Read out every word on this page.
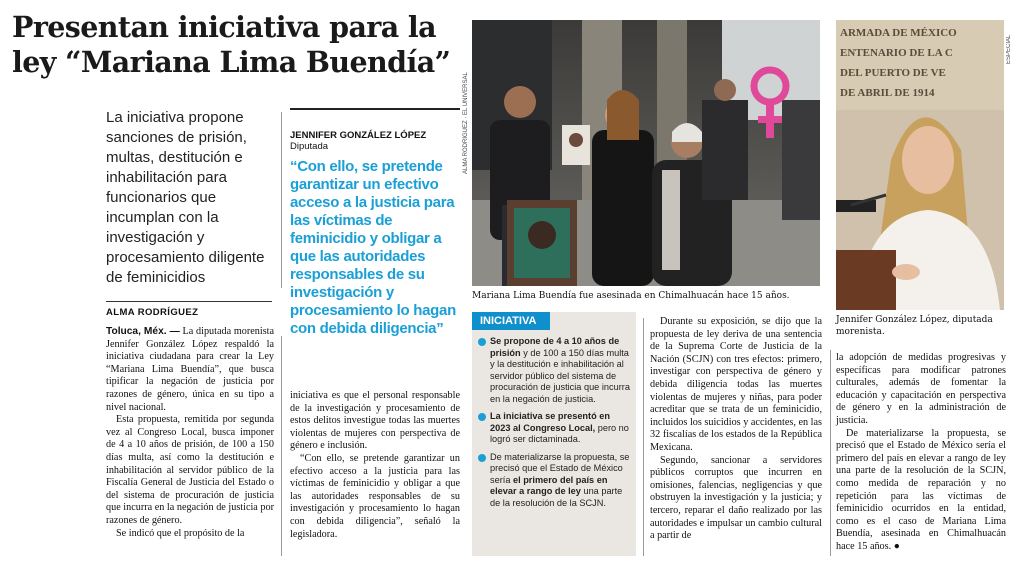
Presentan iniciativa para la ley “Mariana Lima Buendía”
La iniciativa propone sanciones de prisión, multas, destitución e inhabilitación para funcionarios que incumplan con la investigación y procesamiento diligente de feminicidios
JENNIFER GONZÁLEZ LÓPEZ
Diputada
“Con ello, se pretende garantizar un efectivo acceso a la justicia para las víctimas de feminicidio y obligar a que las autoridades responsables de su investigación y procesamiento lo hagan con debida diligencia”
ALMA RODRÍGUEZ

Toluca, Méx. — La diputada morenista Jennifer González López respaldó la iniciativa ciudadana para crear la Ley “Mariana Lima Buendía”, que busca tipificar la negación de justicia por razones de género, única en su tipo a nivel nacional.

Esta propuesta, remitida por segunda vez al Congreso Local, busca imponer de 4 a 10 años de prisión, de 100 a 150 días multa, así como la destitución e inhabilitación al servidor público de la Fiscalía General de Justicia del Estado o del sistema de procuración de justicia que incurra en la negación de justicia por razones de género.

Se indicó que el propósito de la

iniciativa es que el personal responsable de la investigación y procesamiento de estos delitos investigue todas las muertes violentas de mujeres con perspectiva de género e inclusión.

“Con ello, se pretende garantizar un efectivo acceso a la justicia para las víctimas de feminicidio y obligar a que las autoridades responsables de su investigación y procesamiento lo hagan con debida diligencia”, señaló la legisladora.

ALMA RODRÍGUEZ · EL UNIVERSAL
Mariana Lima Buendía fue asesinada en Chimalhuacán hace 15 años.
ESPECIAL
ARMADA DE MÉXICO
ENTENARIO DE LA C
DEL PUERTO DE VE
DE ABRIL DE 1914
Jennifer González López, diputada morenista.
INICIATIVA
Se propone de 4 a 10 años de prisión y de 100 a 150 días multa y la destitución e inhabilitación al servidor público del sistema de procuración de justicia que incurra en la negación de justicia.
La iniciativa se presentó en 2023 al Congreso Local, pero no logró ser dictaminada.
De materializarse la propuesta, se precisó que el Estado de México sería el primero del país en elevar a rango de ley una parte de la resolución de la SCJN.

Durante su exposición, se dijo que la propuesta de ley deriva de una sentencia de la Suprema Corte de Justicia de la Nación (SCJN) con tres efectos: primero, investigar con perspectiva de género y debida diligencia todas las muertes violentas de mujeres y niñas, para poder acreditar que se trata de un feminicidio, incluidos los suicidios y accidentes, en las 32 fiscalías de los estados de la República Mexicana.

Segundo, sancionar a servidores públicos corruptos que incurren en omisiones, falencias, negligencias y que obstruyen la investigación y la justicia; y tercero, reparar el daño realizado por las autoridades e impulsar un cambio cultural a partir de

la adopción de medidas progresivas y específicas para modificar patrones culturales, además de fomentar la educación y capacitación en perspectiva de género y en la administración de justicia.

De materializarse la propuesta, se precisó que el Estado de México sería el primero del país en elevar a rango de ley una parte de la resolución de la SCJN, como medida de reparación y no repetición para las víctimas de feminicidio ocurridos en la entidad, como es el caso de Mariana Lima Buendía, asesinada en Chimalhuacán hace 15 años. ●
